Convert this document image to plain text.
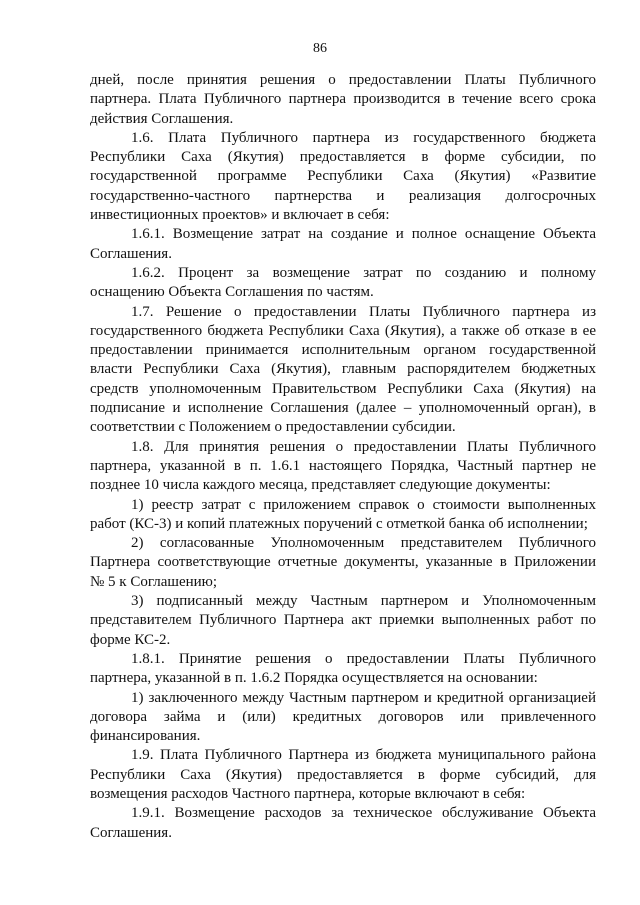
86

дней, после принятия решения о предоставлении Платы Публичного

партнера. Плата Публичного партнера производится в течение всего срока

действия Соглашения.

1.6. Плата Публичного партнера из государственного бюджета

Республики Саха (Якутия) предоставляется в форме субсидии, по

государственной программе Республики Саха (Якутия) «Развитие

государственно-частного партнерства и реализация долгосрочных

инвестиционных проектов» и включает в себя:

1.6.1. Возмещение затрат на создание и полное оснащение Объекта

Соглашения.

1.6.2. Процент за возмещение затрат по созданию и полному

оснащению Объекта Соглашения по частям.

1.7. Решение о предоставлении Платы Публичного партнера из

государственного бюджета Республики Саха (Якутия), а также об отказе в ее

предоставлении принимается исполнительным органом государственной

власти Республики Саха (Якутия), главным распорядителем бюджетных

средств уполномоченным Правительством Республики Саха (Якутия) на

подписание и исполнение Соглашения (далее – уполномоченный орган), в

соответствии с Положением о предоставлении субсидии.

1.8. Для принятия решения о предоставлении Платы Публичного

партнера, указанной в п. 1.6.1 настоящего Порядка, Частный партнер не

позднее 10 числа каждого месяца, представляет следующие документы:

1) реестр затрат с приложением справок о стоимости выполненных

работ (КС-3) и копий платежных поручений с отметкой банка об исполнении;

2) согласованные Уполномоченным представителем Публичного

Партнера соответствующие отчетные документы, указанные в Приложении

№ 5 к Соглашению;

3) подписанный между Частным партнером и Уполномоченным

представителем Публичного Партнера акт приемки выполненных работ по

форме КС-2.

1.8.1. Принятие решения о предоставлении Платы Публичного

партнера, указанной в п. 1.6.2 Порядка осуществляется на основании:

1) заключенного между Частным партнером и кредитной организацией

договора займа и (или) кредитных договоров или привлеченного

финансирования.

1.9. Плата Публичного Партнера из бюджета муниципального района

Республики Саха (Якутия) предоставляется в форме субсидий, для

возмещения расходов Частного партнера, которые включают в себя:

1.9.1. Возмещение расходов за техническое обслуживание Объекта

Соглашения.
